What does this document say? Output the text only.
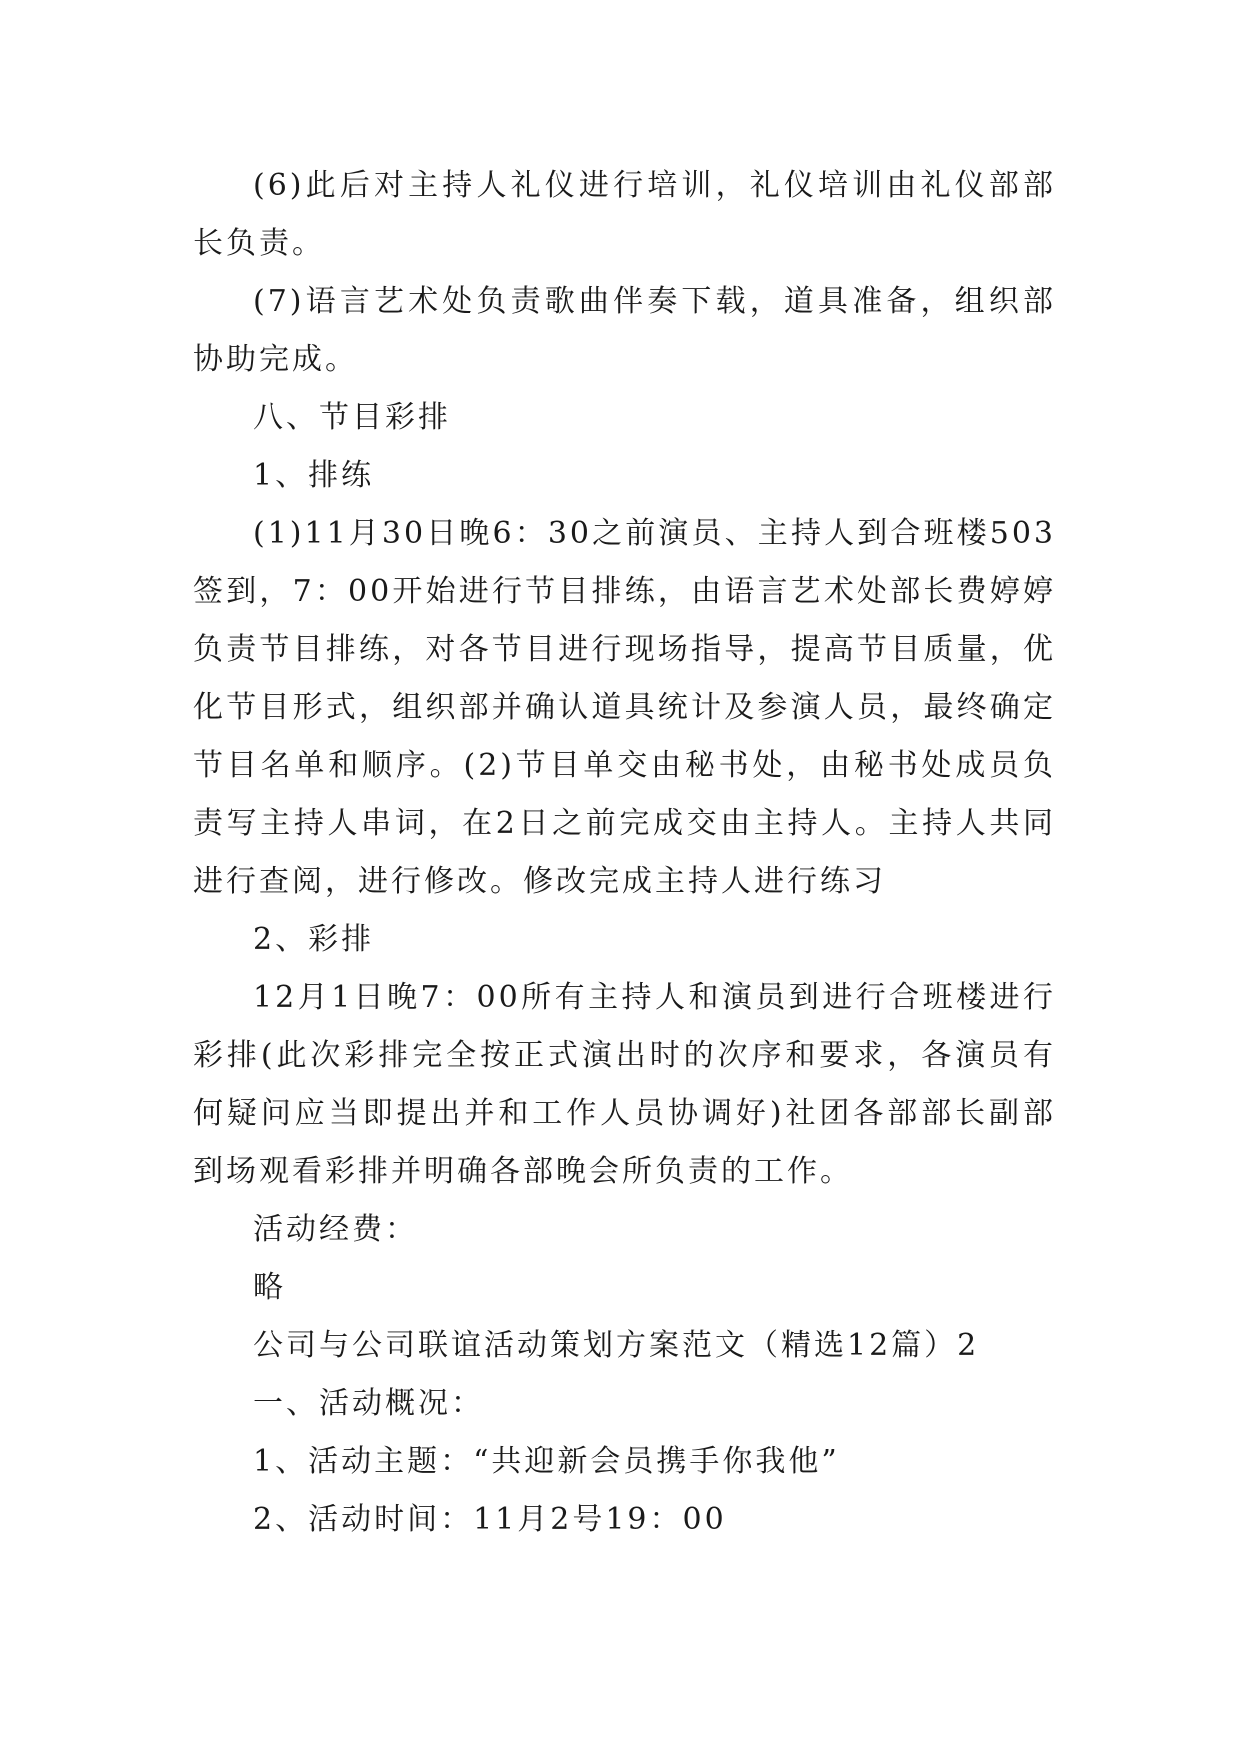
(6)此后对主持人礼仪进行培训，礼仪培训由礼仪部部长负责。

(7)语言艺术处负责歌曲伴奏下载，道具准备，组织部协助完成。

八、节目彩排

1、排练

(1)11月30日晚6：30之前演员、主持人到合班楼503签到，7：00开始进行节目排练，由语言艺术处部长费婷婷负责节目排练，对各节目进行现场指导，提高节目质量，优化节目形式，组织部并确认道具统计及参演人员，最终确定节目名单和顺序。(2)节目单交由秘书处，由秘书处成员负责写主持人串词，在2日之前完成交由主持人。主持人共同进行查阅，进行修改。修改完成主持人进行练习

2、彩排

12月1日晚7：00所有主持人和演员到进行合班楼进行彩排(此次彩排完全按正式演出时的次序和要求，各演员有何疑问应当即提出并和工作人员协调好)社团各部部长副部到场观看彩排并明确各部晚会所负责的工作。

活动经费：

略

公司与公司联谊活动策划方案范文（精选12篇）2

一、活动概况：

1、活动主题：“共迎新会员携手你我他”

2、活动时间：11月2号19：00
